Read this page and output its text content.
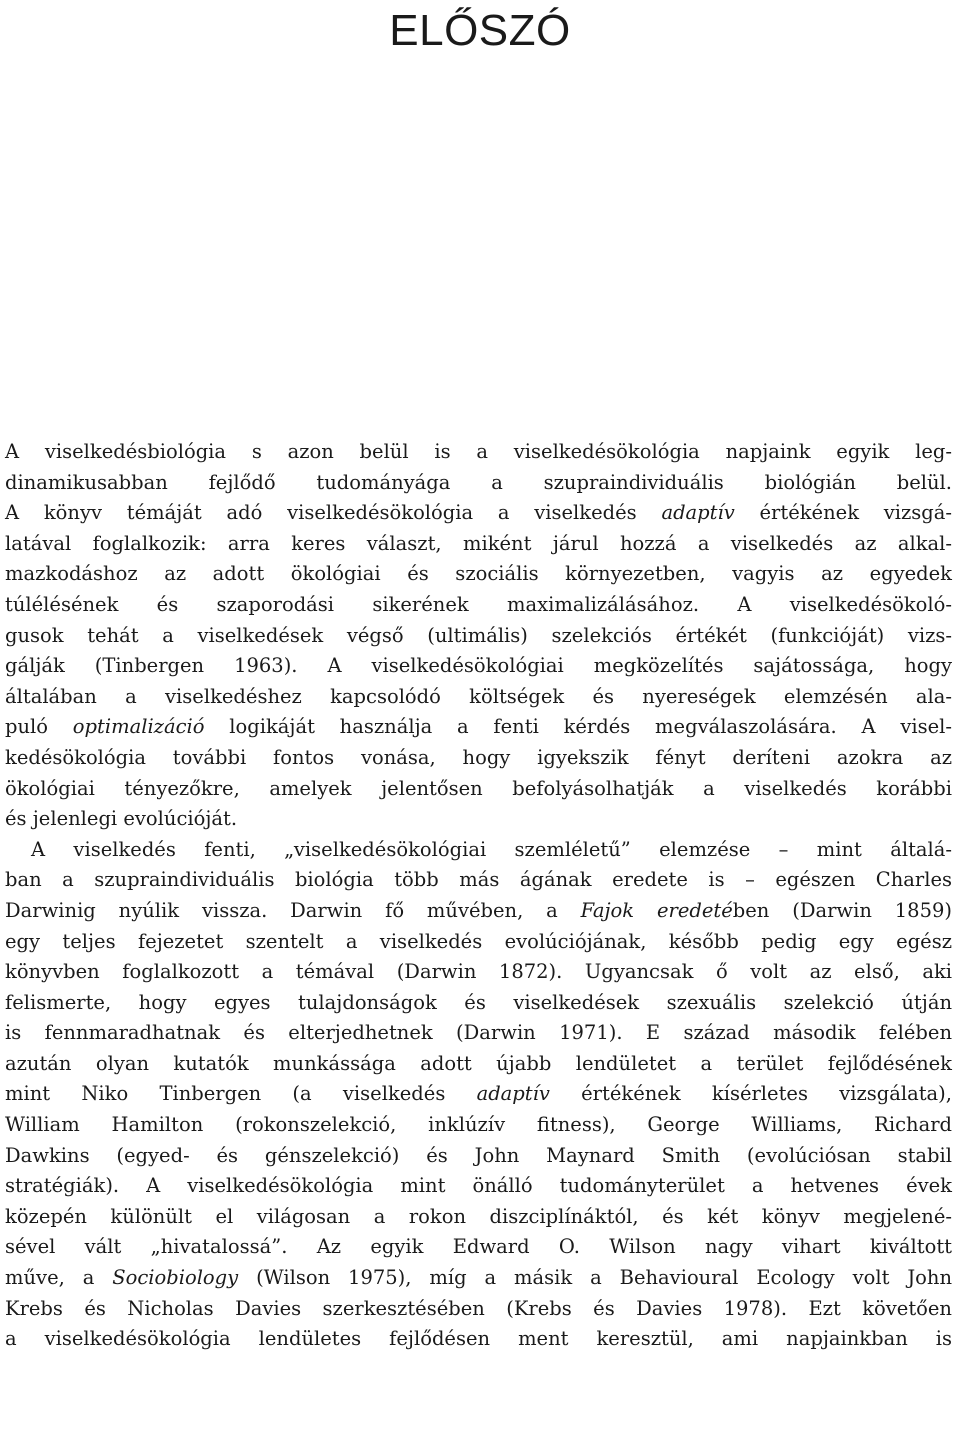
ELŐSZÓ

A viselkedésbiológia s azon belül is a viselkedésökológia napjaink egyik leg-
dinamikusabban fejlődő tudományága a szupraindividuális biológián belül.
A könyv témáját adó viselkedésökológia a viselkedés adaptív értékének vizsgá-
latával foglalkozik: arra keres választ, miként járul hozzá a viselkedés az alkal-
mazkodáshoz az adott ökológiai és szociális környezetben, vagyis az egyedek
túlélésének és szaporodási sikerének maximalizálásához. A viselkedésökoló-
gusok tehát a viselkedések végső (ultimális) szelekciós értékét (funkcióját) vizs-
gálják (Tinbergen 1963). A viselkedésökológiai megközelítés sajátossága, hogy
általában a viselkedéshez kapcsolódó költségek és nyereségek elemzésén ala-
puló optimalizáció logikáját használja a fenti kérdés megválaszolására. A visel-
kedésökológia további fontos vonása, hogy igyekszik fényt deríteni azokra az
ökológiai tényezőkre, amelyek jelentősen befolyásolhatják a viselkedés korábbi
és jelenlegi evolúcióját.

A viselkedés fenti, „viselkedésökológiai szemléletű” elemzése – mint általá-
ban a szupraindividuális biológia több más ágának eredete is – egészen Charles
Darwinig nyúlik vissza. Darwin fő művében, a Fajok eredetében (Darwin 1859)
egy teljes fejezetet szentelt a viselkedés evolúciójának, később pedig egy egész
könyvben foglalkozott a témával (Darwin 1872). Ugyancsak ő volt az első, aki
felismerte, hogy egyes tulajdonságok és viselkedések szexuális szelekció útján
is fennmaradhatnak és elterjedhetnek (Darwin 1971). E század második felében
azután olyan kutatók munkássága adott újabb lendületet a terület fejlődésének
mint Niko Tinbergen (a viselkedés adaptív értékének kísérletes vizsgálata),
William Hamilton (rokonszelekció, inklúzív fitness), George Williams, Richard
Dawkins (egyed- és génszelekció) és John Maynard Smith (evolúciósan stabil
stratégiák). A viselkedésökológia mint önálló tudományterület a hetvenes évek
közepén különült el világosan a rokon diszciplínáktól, és két könyv megjelené-
sével vált „hivatalossá”. Az egyik Edward O. Wilson nagy vihart kiváltott
műve, a Sociobiology (Wilson 1975), míg a másik a Behavioural Ecology volt John
Krebs és Nicholas Davies szerkesztésében (Krebs és Davies 1978). Ezt követően
a viselkedésökológia lendületes fejlődésen ment keresztül, ami napjainkban is
